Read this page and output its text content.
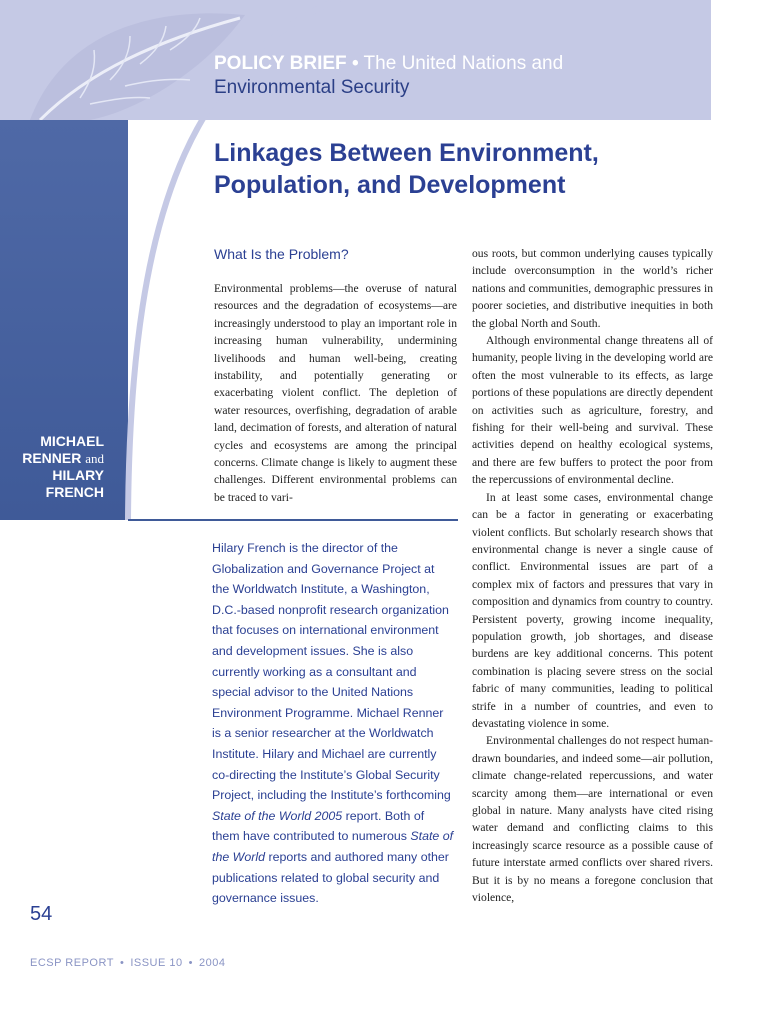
POLICY BRIEF • The United Nations and
Environmental Security
Linkages Between Environment,
Population, and Development
MICHAEL
RENNER and
HILARY
FRENCH
What Is the Problem?

Environmental problems—the overuse of natural resources and the degradation of ecosystems—are increasingly understood to play an important role in increasing human vulnerability, undermining livelihoods and human well-being, creating instability, and potentially generating or exacerbating violent conflict. The depletion of water resources, overfishing, degradation of arable land, decimation of forests, and alteration of natural cycles and ecosystems are among the principal concerns. Climate change is likely to augment these challenges. Different environmental problems can be traced to vari-

ous roots, but common underlying causes typically include overconsumption in the world’s richer nations and communities, demographic pressures in poorer societies, and distributive inequities in both the global North and South.

Although environmental change threatens all of humanity, people living in the developing world are often the most vulnerable to its effects, as large portions of these populations are directly dependent on activities such as agriculture, forestry, and fishing for their well-being and survival. These activities depend on healthy ecological systems, and there are few buffers to protect the poor from the repercussions of environmental decline.

In at least some cases, environmental change can be a factor in generating or exacerbating violent conflicts. But scholarly research shows that environmental change is never a single cause of conflict. Environmental issues are part of a complex mix of factors and pressures that vary in composition and dynamics from country to country. Persistent poverty, growing income inequality, population growth, job shortages, and disease burdens are key additional concerns. This potent combination is placing severe stress on the social fabric of many communities, leading to political strife in a number of countries, and even to devastating violence in some.

Environmental challenges do not respect human-drawn boundaries, and indeed some—air pollution, climate change-related repercussions, and water scarcity among them—are international or even global in nature. Many analysts have cited rising water demand and conflicting claims to this increasingly scarce resource as a possible cause of future interstate armed conflicts over shared rivers. But it is by no means a foregone conclusion that violence,

Hilary French is the director of the Globalization and Governance Project at the Worldwatch Institute, a Washington, D.C.-based nonprofit research organization that focuses on international environment and development issues. She is also currently working as a consultant and special advisor to the United Nations Environment Programme. Michael Renner is a senior researcher at the Worldwatch Institute. Hilary and Michael are currently co-directing the Institute’s Global Security Project, including the Institute’s forthcoming State of the World 2005 report. Both of them have contributed to numerous State of the World reports and authored many other publications related to global security and governance issues.
54
ECSP REPORT • ISSUE 10 • 2004
